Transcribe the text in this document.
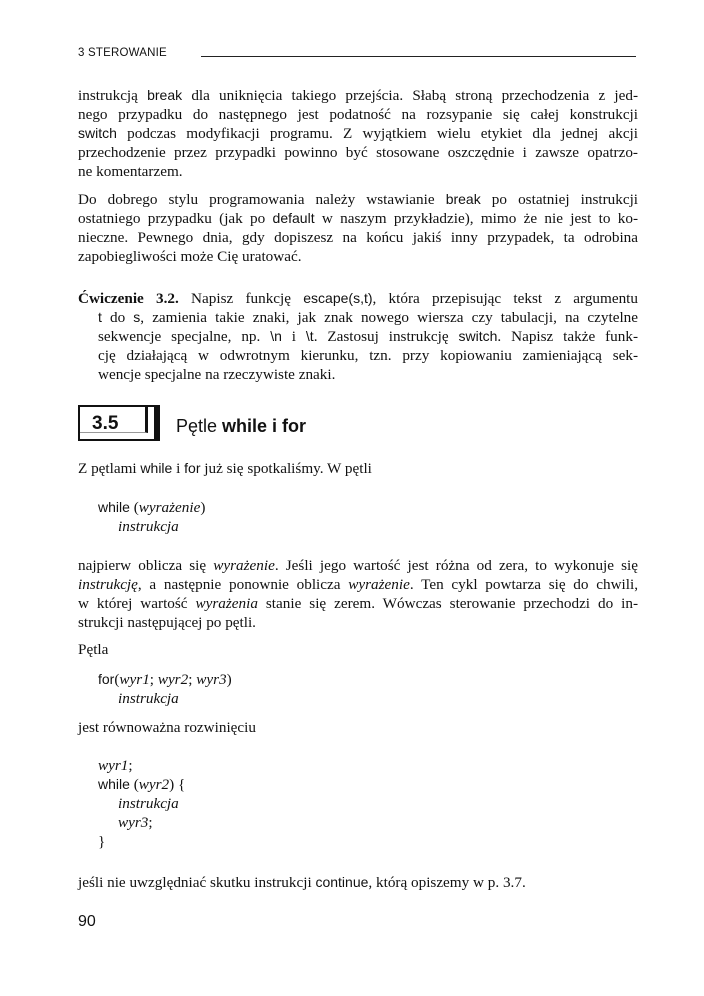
3 STEROWANIE
instrukcją break dla uniknięcia takiego przejścia. Słabą stroną przechodzenia z jed-
nego przypadku do następnego jest podatność na rozsypanie się całej konstrukcji
switch podczas modyfikacji programu. Z wyjątkiem wielu etykiet dla jednej akcji
przechodzenie przez przypadki powinno być stosowane oszczędnie i zawsze opatrzo-
ne komentarzem.
Do dobrego stylu programowania należy wstawianie break po ostatniej instrukcji
ostatniego przypadku (jak po default w naszym przykładzie), mimo że nie jest to ko-
nieczne. Pewnego dnia, gdy dopiszesz na końcu jakiś inny przypadek, ta odrobina
zapobiegliwości może Cię uratować.
Ćwiczenie 3.2. Napisz funkcję escape(s,t), która przepisując tekst z argumentu
t do s, zamienia takie znaki, jak znak nowego wiersza czy tabulacji, na czytelne
sekwencje specjalne, np. \n i \t. Zastosuj instrukcję switch. Napisz także funk-
cję działającą w odwrotnym kierunku, tzn. przy kopiowaniu zamieniającą sek-
wencje specjalne na rzeczywiste znaki.
3.5	Pętle while i for
Z pętlami while i for już się spotkaliśmy. W pętli
while (wyrażenie)
instrukcja
najpierw oblicza się wyrażenie. Jeśli jego wartość jest różna od zera, to wykonuje się
instrukcję, a następnie ponownie oblicza wyrażenie. Ten cykl powtarza się do chwili,
w której wartość wyrażenia stanie się zerem. Wówczas sterowanie przechodzi do in-
strukcji następującej po pętli.
Pętla
for(wyr1; wyr2; wyr3)
instrukcja
jest równoważna rozwinięciu
wyr1;
while (wyr2) {
instrukcja
wyr3;
}
jeśli nie uwzględniać skutku instrukcji continue, którą opiszemy w p. 3.7.
90
